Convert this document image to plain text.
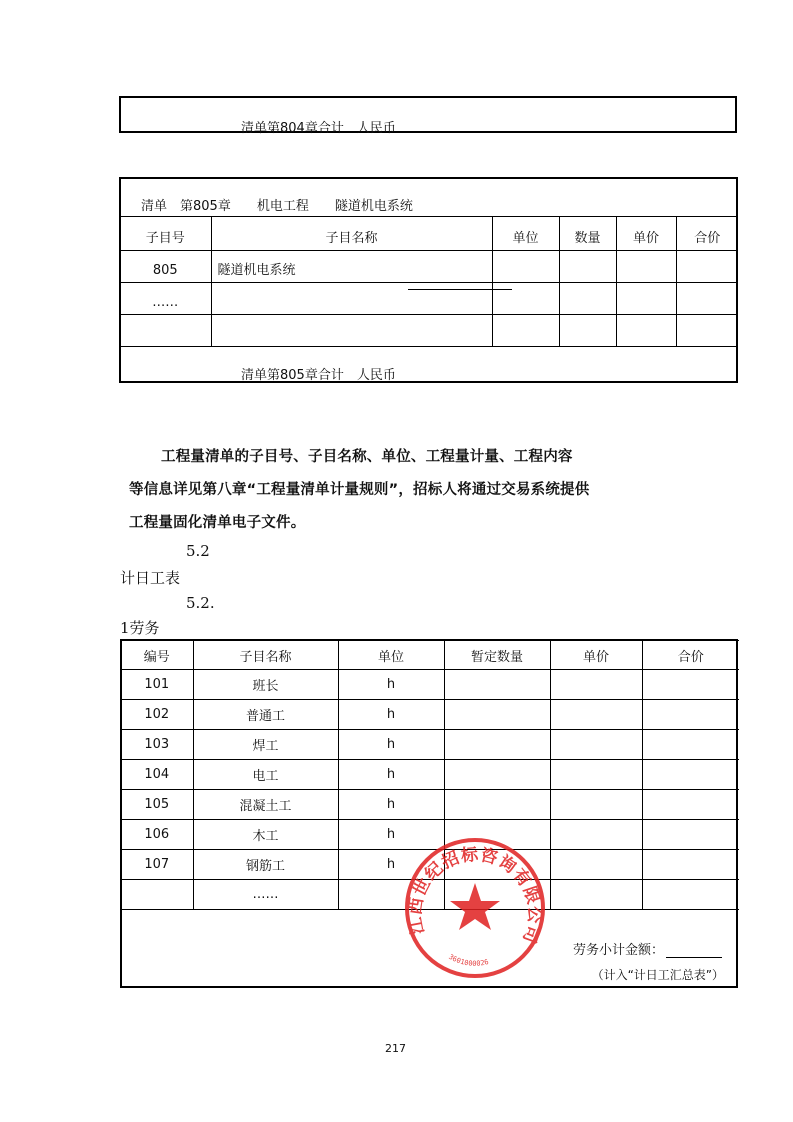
清单第804章合计　人民币
清单　第805章　　机电工程　　隧道机电系统
子目号	子目名称	单位	数量	单价	合价
805	隧道机电系统				
……					

清单第805章合计　人民币
工程量清单的子目号、子目名称、单位、工程量计量、工程内容
等信息详见第八章“工程量清单计量规则”，招标人将通过交易系统提供
工程量固化清单电子文件。
5.2
计日工表
5.2.
1劳务
编号	子目名称	单位	暂定数量	单价	合价
101	班长	h			
102	普通工	h			
103	焊工	h			
104	电工	h			
105	混凝土工	h			
106	木工	h			
107	钢筋工	h			
	……				
劳务小计金额：
（计入“计日工汇总表”）
江西世纪招标咨询有限公司
3601000026
217
